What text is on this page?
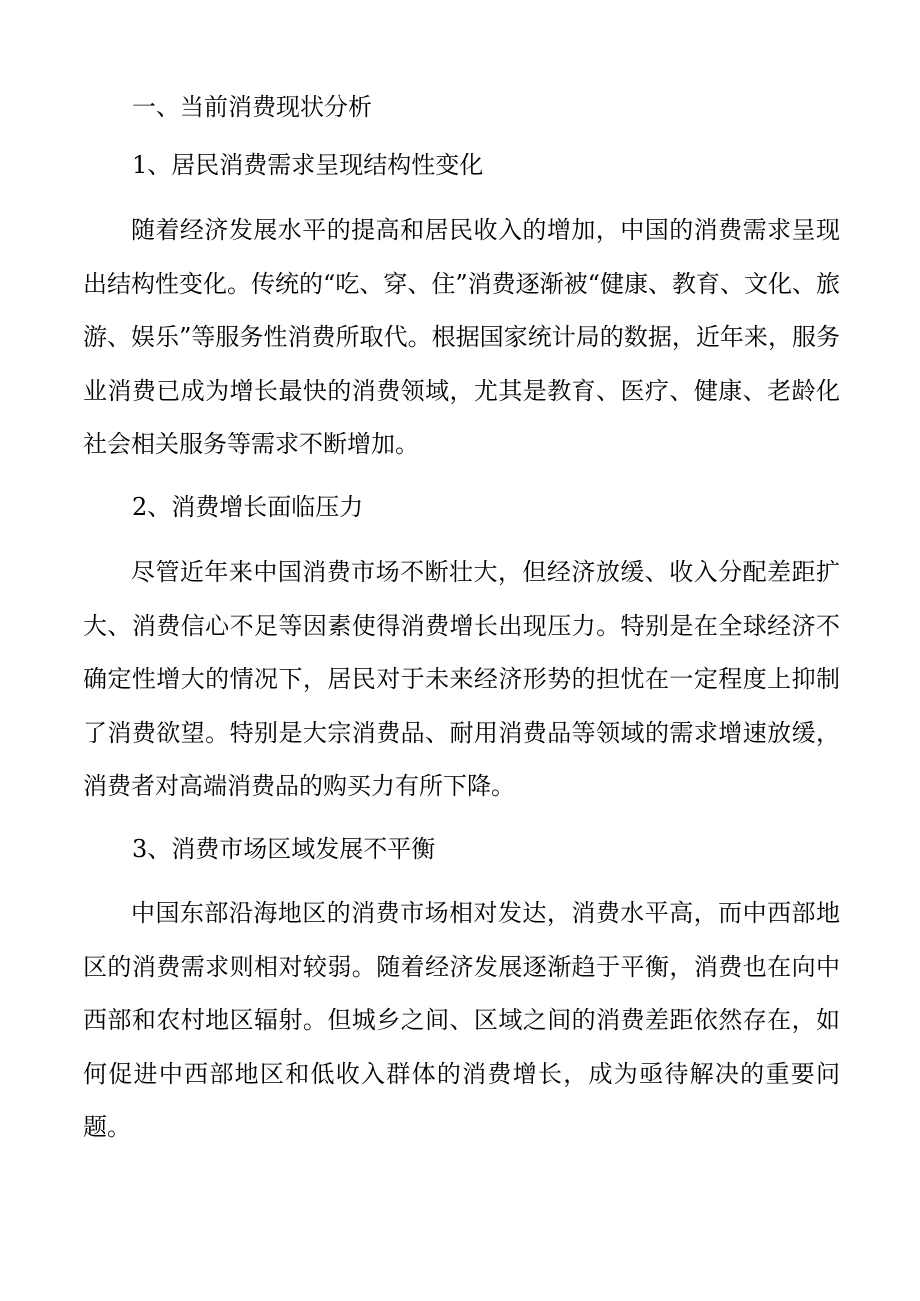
一、当前消费现状分析
1、居民消费需求呈现结构性变化

随着经济发展水平的提高和居民收入的增加，中国的消费需求呈现出结构性变化。传统的“吃、穿、住”消费逐渐被“健康、教育、文化、旅游、娱乐”等服务性消费所取代。根据国家统计局的数据，近年来，服务业消费已成为增长最快的消费领域，尤其是教育、医疗、健康、老龄化社会相关服务等需求不断增加。

2、消费增长面临压力

尽管近年来中国消费市场不断壮大，但经济放缓、收入分配差距扩大、消费信心不足等因素使得消费增长出现压力。特别是在全球经济不确定性增大的情况下，居民对于未来经济形势的担忧在一定程度上抑制了消费欲望。特别是大宗消费品、耐用消费品等领域的需求增速放缓，消费者对高端消费品的购买力有所下降。

3、消费市场区域发展不平衡

中国东部沿海地区的消费市场相对发达，消费水平高，而中西部地区的消费需求则相对较弱。随着经济发展逐渐趋于平衡，消费也在向中西部和农村地区辐射。但城乡之间、区域之间的消费差距依然存在，如何促进中西部地区和低收入群体的消费增长，成为亟待解决的重要问题。
